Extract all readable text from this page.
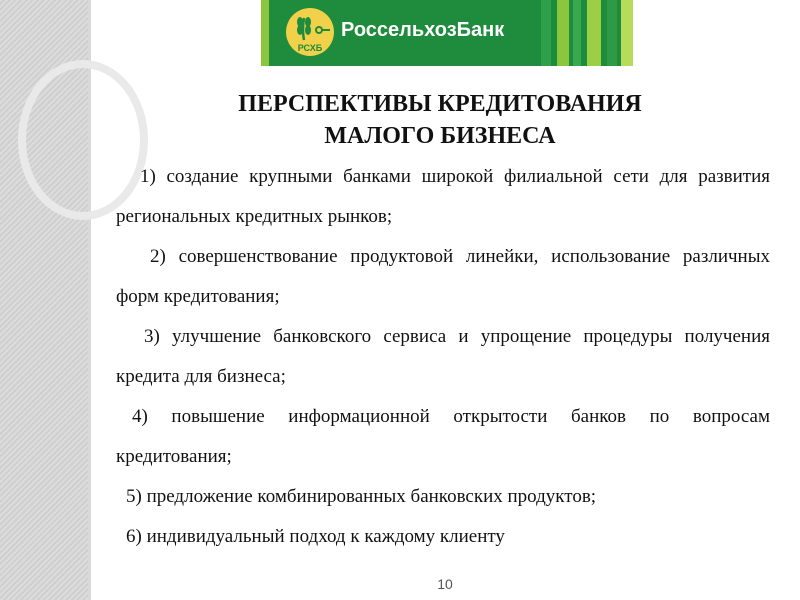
РСХБ
РоссельхозБанк
ПЕРСПЕКТИВЫ КРЕДИТОВАНИЯ
МАЛОГО БИЗНЕСА
1) создание крупными банками широкой филиальной сети для развития региональных кредитных рынков;
2) совершенствование продуктовой линейки, использование различных форм кредитования;
3) улучшение банковского сервиса и упрощение процедуры получения кредита для бизнеса;
4) повышение информационной открытости банков по вопросам кредитования;
5) предложение комбинированных банковских продуктов;
6) индивидуальный подход к каждому клиенту
10
